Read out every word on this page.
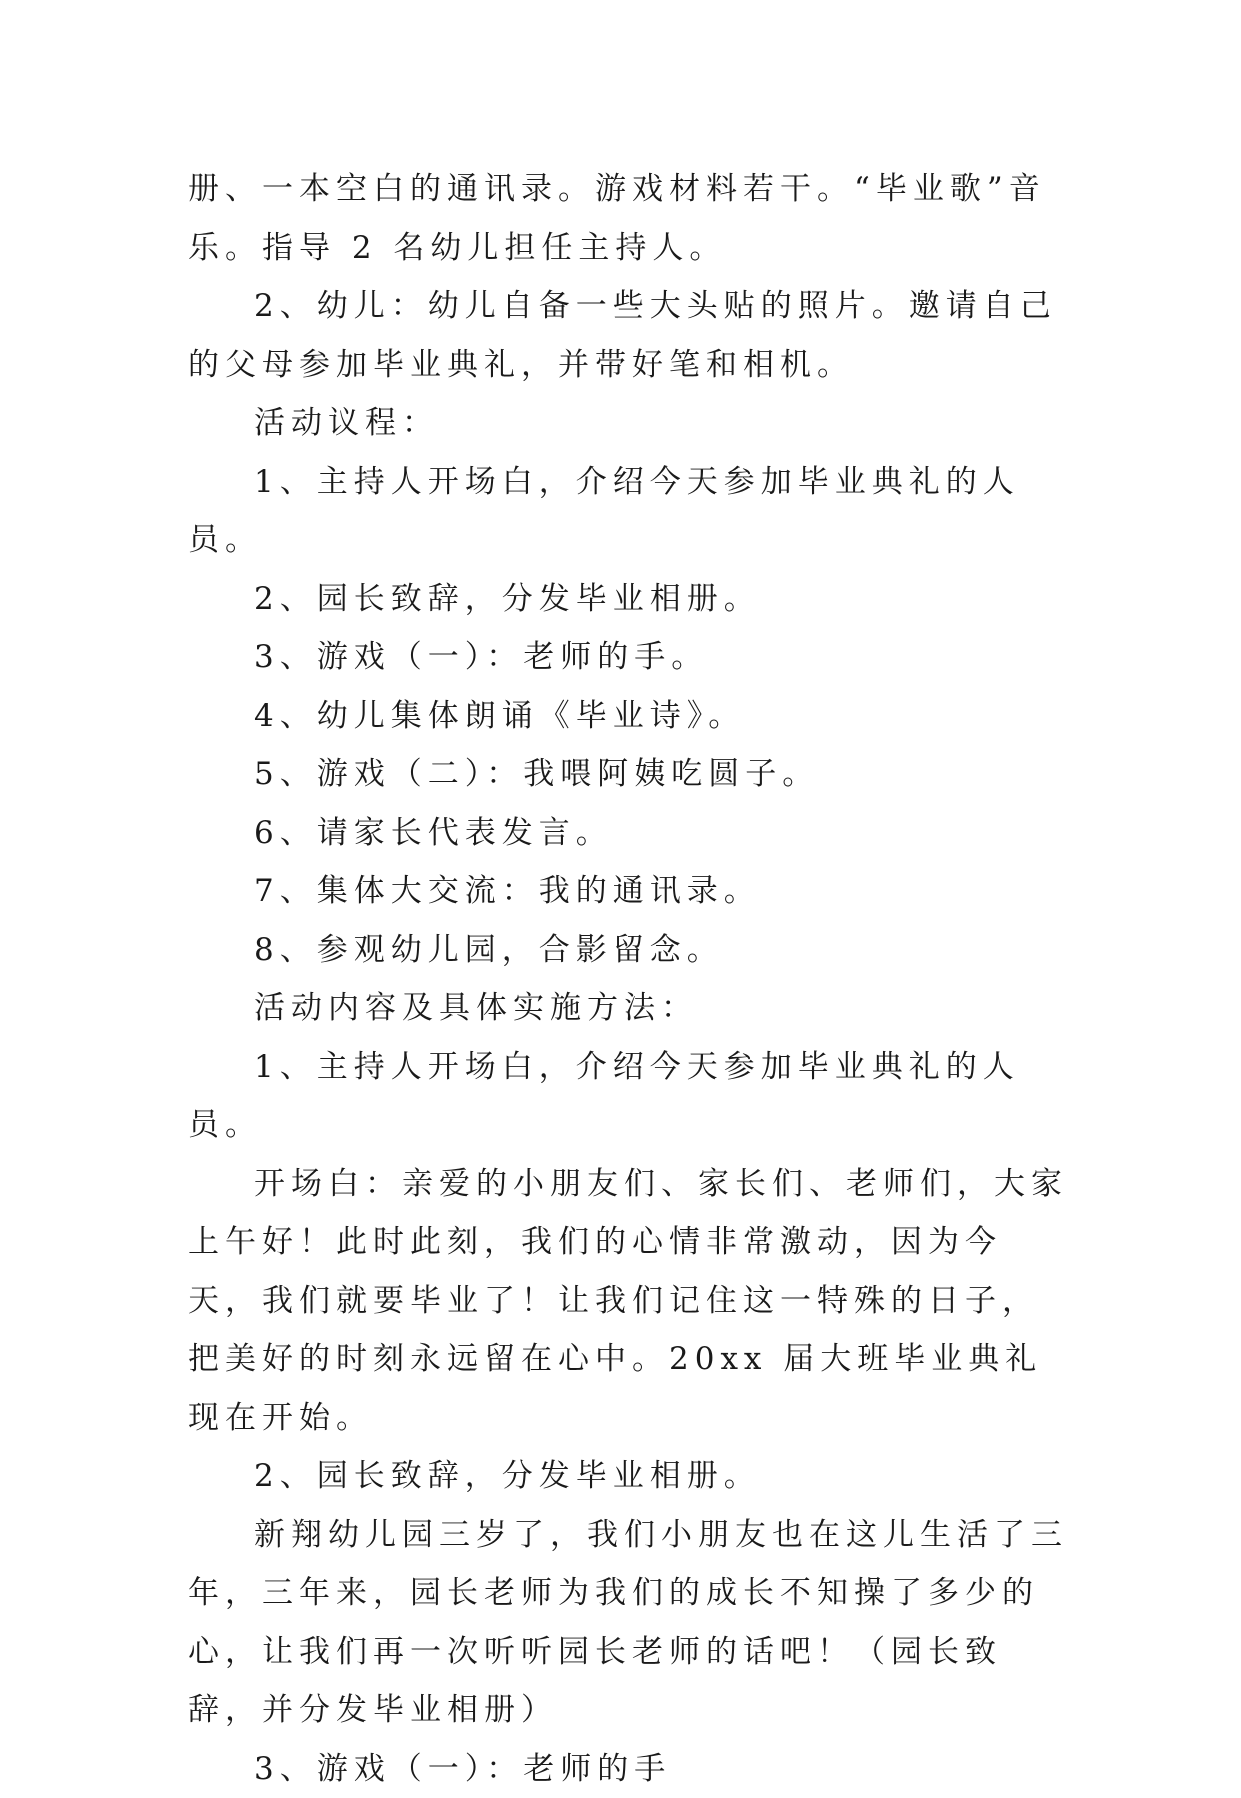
册、一本空白的通讯录。游戏材料若干。“毕业歌”音乐。指导 2 名幼儿担任主持人。

2、幼儿：幼儿自备一些大头贴的照片。邀请自己的父母参加毕业典礼，并带好笔和相机。

活动议程：

1、主持人开场白，介绍今天参加毕业典礼的人员。

2、园长致辞，分发毕业相册。

3、游戏（一）：老师的手。

4、幼儿集体朗诵《毕业诗》。

5、游戏（二）：我喂阿姨吃圆子。

6、请家长代表发言。

7、集体大交流：我的通讯录。

8、参观幼儿园，合影留念。

活动内容及具体实施方法：

1、主持人开场白，介绍今天参加毕业典礼的人员。

开场白：亲爱的小朋友们、家长们、老师们，大家上午好！此时此刻，我们的心情非常激动，因为今天，我们就要毕业了！让我们记住这一特殊的日子，把美好的时刻永远留在心中。20xx 届大班毕业典礼现在开始。

2、园长致辞，分发毕业相册。

新翔幼儿园三岁了，我们小朋友也在这儿生活了三年，三年来，园长老师为我们的成长不知操了多少的心，让我们再一次听听园长老师的话吧！（园长致辞，并分发毕业相册）

3、游戏（一）：老师的手
